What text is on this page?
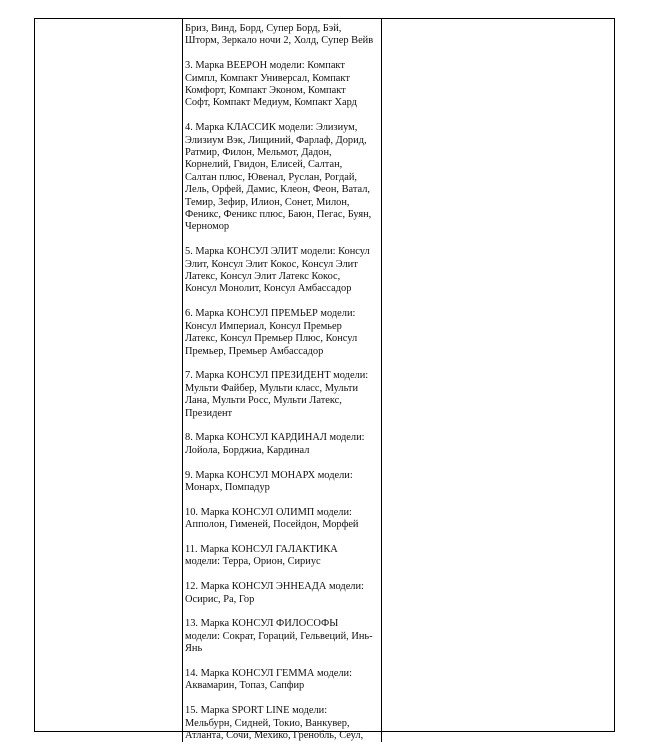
Бриз, Винд, Борд, Супер Борд, Бэй,
Шторм, Зеркало ночи 2, Холд, Супер Вейв

3. Марка ВЕЕРОН модели: Компакт
Симпл, Компакт Универсал, Компакт
Комфорт, Компакт Эконом, Компакт
Софт, Компакт Медиум, Компакт Хард

4. Марка КЛАССИК модели: Элизиум,
Элизиум Вэк, Лищиний, Фарлаф, Дорид,
Ратмир, Филон, Мельмот, Дадон,
Корнелий, Гвидон, Елисей, Салтан,
Салтан плюс, Ювенал, Руслан, Рогдай,
Лель, Орфей, Дамис, Клеон, Феон, Ватал,
Темир, Зефир, Илион, Сонет, Милон,
Феникс, Феникс плюс, Баюн, Пегас, Буян,
Черномор

5. Марка КОНСУЛ ЭЛИТ модели: Консул
Элит, Консул Элит Кокос, Консул Элит
Латекс, Консул Элит Латекс Кокос,
Консул Монолит, Консул Амбассадор

6. Марка КОНСУЛ ПРЕМЬЕР модели:
Консул Империал, Консул Премьер
Латекс, Консул Премьер Плюс, Консул
Премьер, Премьер Амбассадор

7. Марка КОНСУЛ ПРЕЗИДЕНТ модели:
Мульти Файбер, Мульти класс, Мульти
Лана, Мульти Росс, Мульти Латекс,
Президент

8. Марка КОНСУЛ КАРДИНАЛ модели:
Лойола, Борджиа, Кардинал

9. Марка КОНСУЛ МОНАРХ модели:
Монарх, Помпадур

10. Марка КОНСУЛ ОЛИМП модели:
Апполон, Гименей, Посейдон, Морфей

11. Марка КОНСУЛ ГАЛАКТИКА
модели: Терра, Орион, Сириус

12. Марка КОНСУЛ ЭННЕАДА модели:
Осирис, Ра, Гор

13. Марка КОНСУЛ ФИЛОСОФЫ
модели: Сократ, Гораций, Гельвеций, Инь-
Янь

14. Марка КОНСУЛ ГЕММА модели:
Аквамарин, Топаз, Сапфир

15. Марка SPORT LINE модели:
Мельбурн, Сидней, Токио, Ванкувер,
Атланта, Сочи, Мехико, Гренобль, Сеул,
